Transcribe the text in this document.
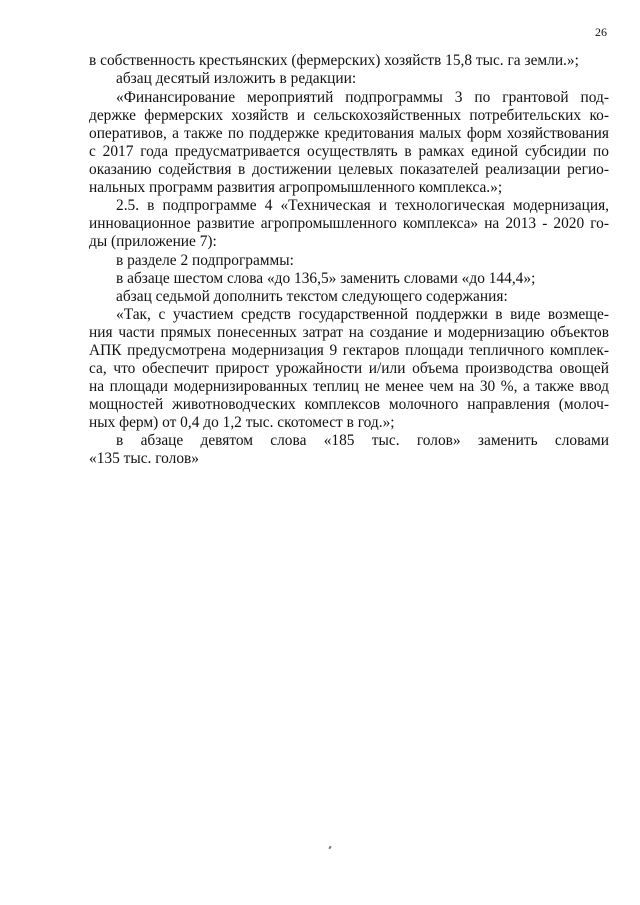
26
в собственность крестьянских (фермерских) хозяйств 15,8 тыс. га земли.»;
абзац десятый изложить в редакции:
«Финансирование мероприятий подпрограммы 3 по грантовой под-
держке фермерских хозяйств и сельскохозяйственных потребительских ко-
оперативов, а также по поддержке кредитования малых форм хозяйствования
с 2017 года предусматривается осуществлять в рамках единой субсидии по
оказанию содействия в достижении целевых показателей реализации регио-
нальных программ развития агропромышленного комплекса.»;
2.5. в подпрограмме 4 «Техническая и технологическая модернизация,
инновационное развитие агропромышленного комплекса» на 2013 - 2020 го-
ды (приложение 7):
в разделе 2 подпрограммы:
в абзаце шестом слова «до 136,5» заменить словами «до 144,4»;
абзац седьмой дополнить текстом следующего содержания:
«Так, с участием средств государственной поддержки в виде возмеще-
ния части прямых понесенных затрат на создание и модернизацию объектов
АПК предусмотрена модернизация 9 гектаров площади тепличного комплек-
са, что обеспечит прирост урожайности и/или объема производства овощей
на площади модернизированных теплиц не менее чем на 30 %, а также ввод
мощностей животноводческих комплексов молочного направления (молоч-
ных ферм) от 0,4 до 1,2 тыс. скотомест в год.»;
в абзаце девятом слова «185 тыс. голов» заменить словами
«135 тыс. голов»
